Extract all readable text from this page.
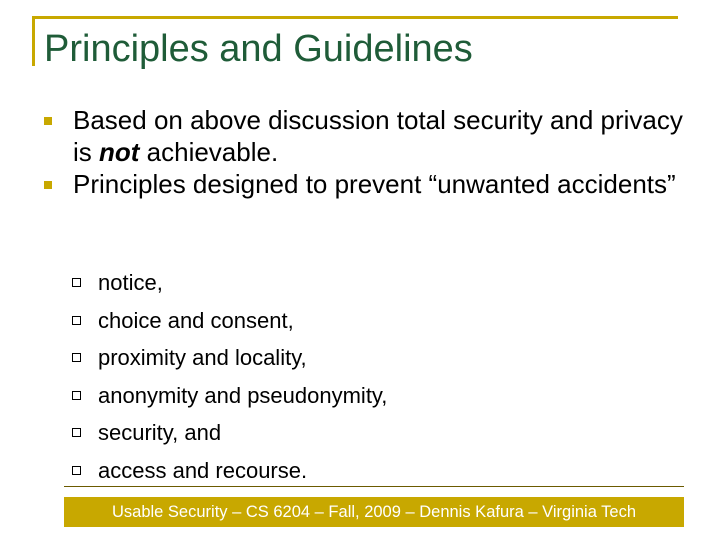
Principles and Guidelines
Based on above discussion total security and privacy is not achievable.
Principles designed to prevent “unwanted accidents”
notice,
choice and consent,
proximity and locality,
anonymity and pseudonymity,
security, and
access and recourse.
Usable Security – CS 6204 – Fall, 2009 – Dennis Kafura – Virginia Tech
